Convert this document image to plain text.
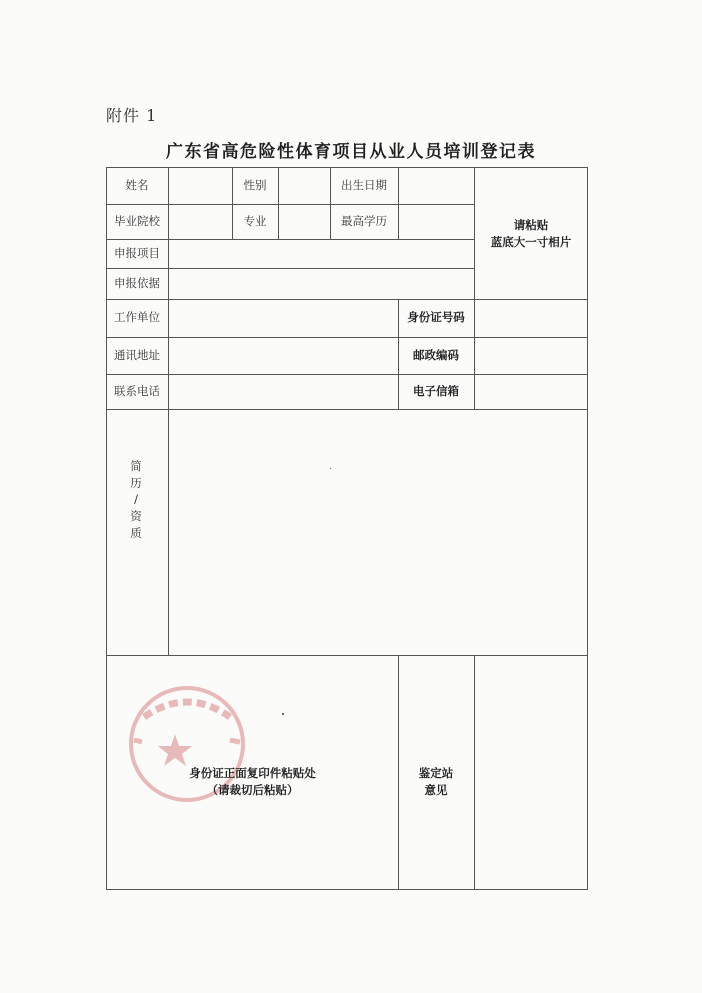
附件 1
广东省高危险性体育项目从业人员培训登记表
姓名	性别	出生日期
请粘贴
蓝底大一寸相片
毕业院校	专业	最高学历
申报项目
申报依据
工作单位	身份证号码
通讯地址	邮政编码
联系电话	电子信箱
简
历
/
资
质
身份证正面复印件粘贴处
（请裁切后粘贴）
鉴定站
意见
